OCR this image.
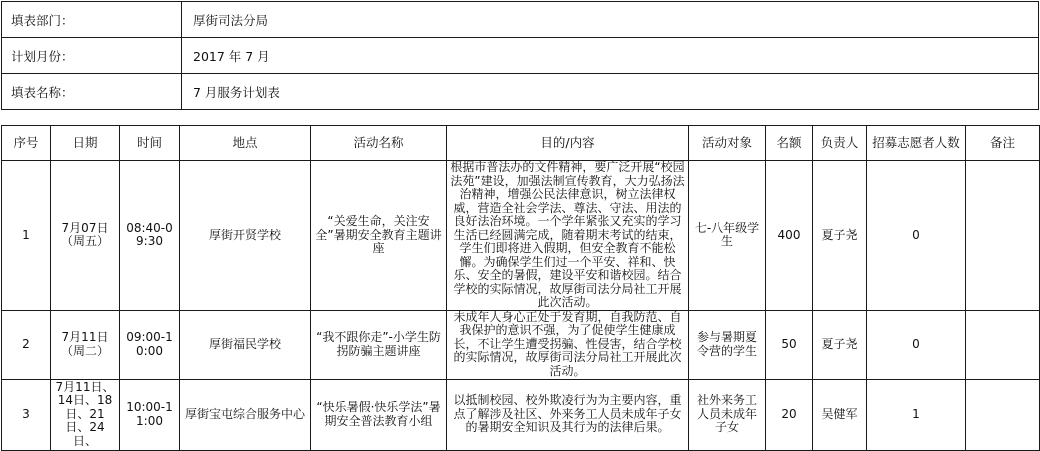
填表部门：	厚街司法分局
计划月份：	2017 年 7 月
填表名称：	7 月服务计划表
序号	日期	时间	地点	活动名称	目的/内容	活动对象	名额	负责人	招募志愿者人数	备注
1	7月07日（周五）	08:40-09:30	厚街开贤学校	“关爱生命，关注安全”暑期安全教育主题讲座	根据市普法办的文件精神，要广泛开展“校园法苑”建设，加强法制宣传教育，大力弘扬法治精神，增强公民法律意识，树立法律权威，营造全社会学法、尊法、守法、用法的良好法治环境。一个学年紧张又充实的学习生活已经圆满完成，随着期末考试的结束，学生们即将进入假期，但安全教育不能松懈。为确保学生们过一个平安、祥和、快乐、安全的暑假，建设平安和谐校园。结合学校的实际情况，故厚街司法分局社工开展此次活动。	七-八年级学生	400	夏子尧	0	
2	7月11日（周二）	09:00-10:00	厚街福民学校	“我不跟你走”-小学生防拐防骗主题讲座	未成年人身心正处于发育期，自我防范、自我保护的意识不强，为了促使学生健康成长，不让学生遭受拐骗、性侵害，结合学校的实际情况，故厚街司法分局社工开展此次活动。	参与暑期夏令营的学生	50	夏子尧	0	
3	7月11日、14日、18日、21日、24日、	10:00-11:00	厚街宝屯综合服务中心	“快乐暑假·快乐学法”暑期安全普法教育小组	以抵制校园、校外欺凌行为为主要内容，重点了解涉及社区、外来务工人员未成年子女的暑期安全知识及其行为的法律后果。	社外来务工人员未成年子女	20	吴健军	1	
